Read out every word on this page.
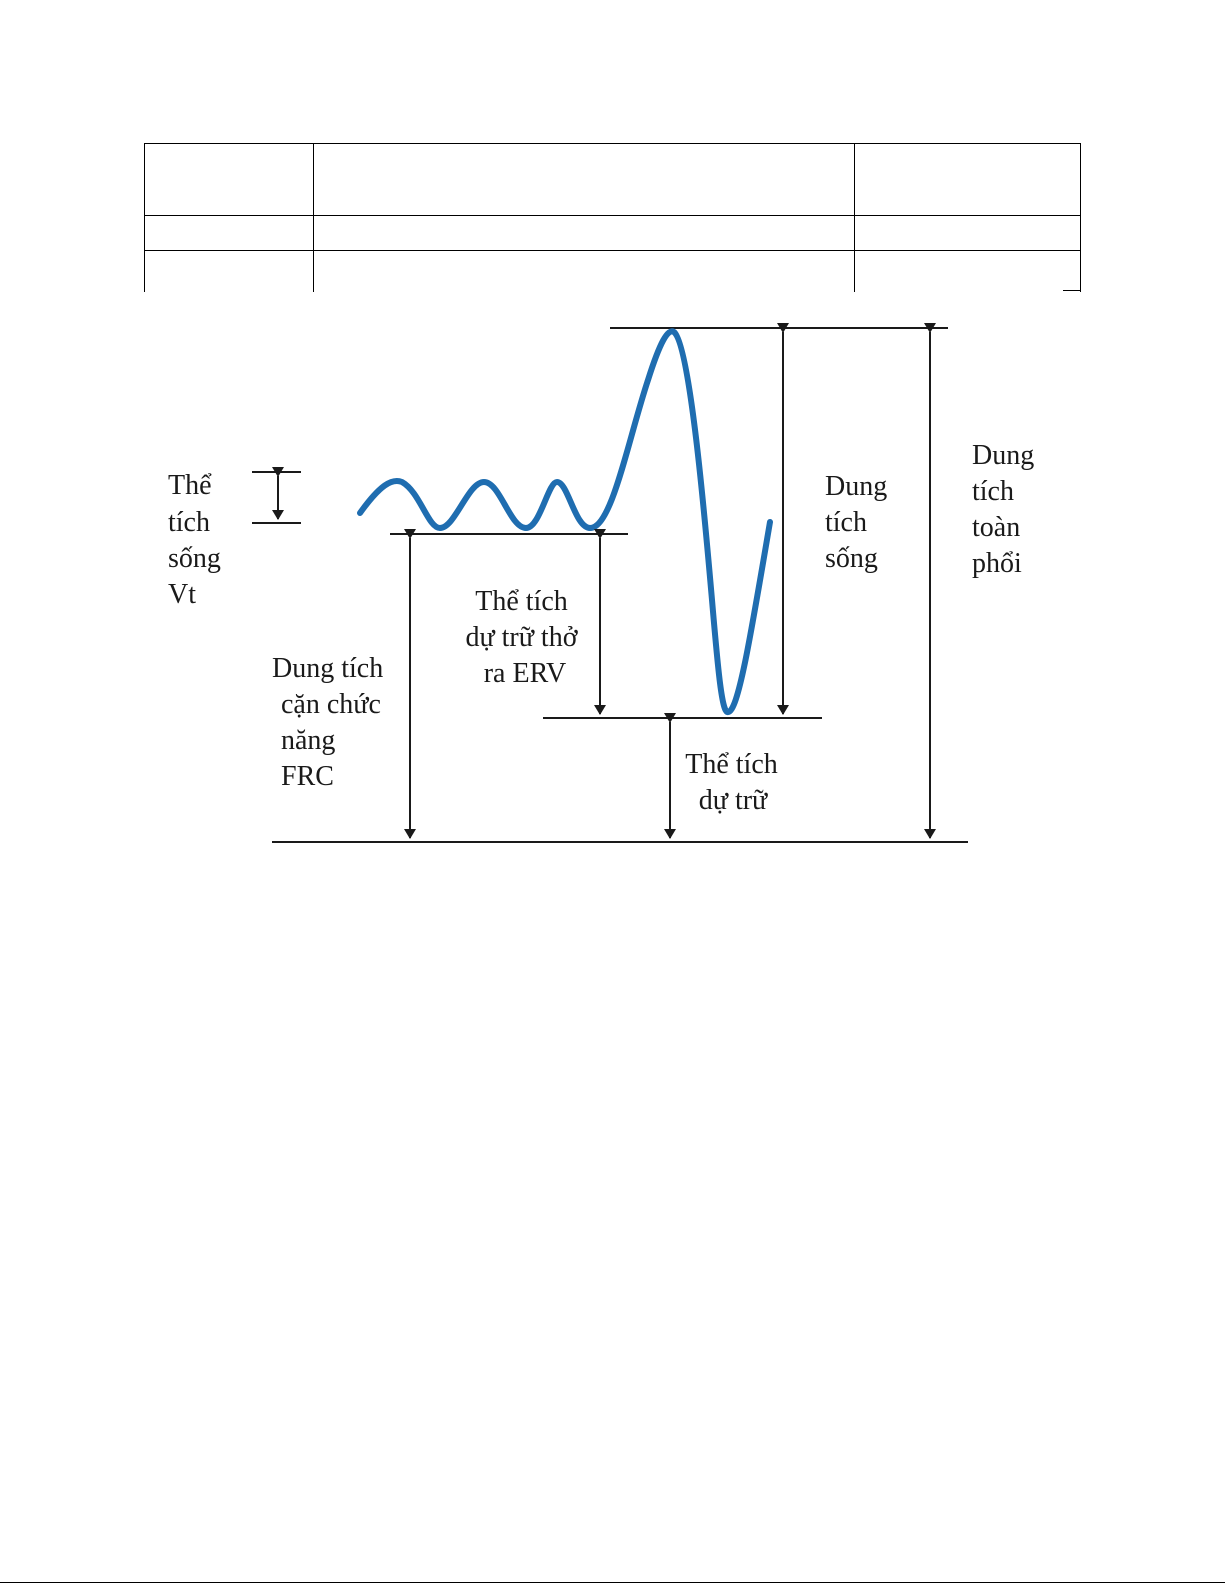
Thể tích sống Vt
Dung tích sống
Dung tích toàn phổi
Dung tích cặn chức năng FRC
Thể tích dự trữ thở ra ERV
Thể tích dự trữ
